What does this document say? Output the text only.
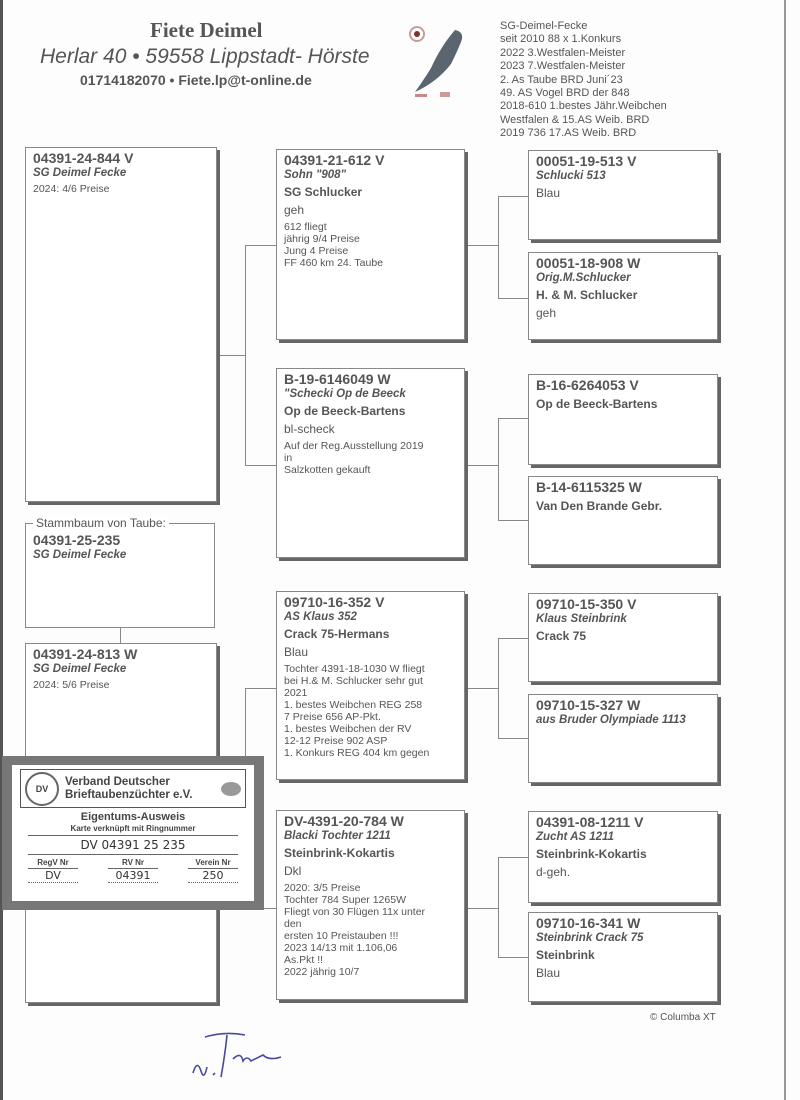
Fiete Deimel
Herlar 40 • 59558 Lippstadt- Hörste
01714182070 • Fiete.lp@t-online.de
SG-Deimel-Fecke
seit 2010 88 x 1.Konkurs
2022 3.Westfalen-Meister
2023 7.Westfalen-Meister
2. As Taube BRD Juni´23
49. AS Vogel BRD der 848
2018-610 1.bestes Jähr.Weibchen
Westfalen & 15.AS Weib. BRD
2019 736 17.AS Weib. BRD
04391-24-844 V
SG Deimel Fecke
2024: 4/6 Preise
04391-25-235
SG Deimel Fecke
Stammbaum von Taube:
04391-24-813 W
SG Deimel Fecke
2024: 5/6 Preise
04391-21-612 V
Sohn "908"
SG Schlucker
geh
612 fliegt
jährig 9/4 Preise
Jung 4 Preise
FF 460 km 24. Taube
B-19-6146049 W
"Schecki Op de Beeck
Op de Beeck-Bartens
bl-scheck
Auf der Reg.Ausstellung 2019
in
Salzkotten gekauft
09710-16-352 V
AS Klaus 352
Crack 75-Hermans
Blau
Tochter 4391-18-1030 W fliegt
bei H.& M. Schlucker sehr gut
2021
1. bestes Weibchen REG 258
7 Preise 656 AP-Pkt.
1. bestes Weibchen der RV
12-12 Preise 902 ASP
1. Konkurs REG 404 km gegen
DV-4391-20-784 W
Blacki Tochter 1211
Steinbrink-Kokartis
Dkl
2020: 3/5 Preise
Tochter 784 Super 1265W
Fliegt von 30 Flügen 11x unter
den
ersten 10 Preistauben !!!
2023 14/13 mit 1.106,06
As.Pkt !!
2022 jährig 10/7
00051-19-513 V
Schlucki 513
Blau
00051-18-908 W
Orig.M.Schlucker
H. & M. Schlucker
geh
B-16-6264053 V
Op de Beeck-Bartens
B-14-6115325 W
Van Den Brande Gebr.
09710-15-350 V
Klaus Steinbrink
Crack 75
09710-15-327 W
aus Bruder Olympiade 1113
04391-08-1211 V
Zucht AS 1211
Steinbrink-Kokartis
d-geh.
09710-16-341 W
Steinbrink Crack 75
Steinbrink
Blau
DV
Verband Deutscher
Brieftaubenzüchter e.V.
Eigentums-Ausweis
Karte verknüpft mit Ringnummer
DV 04391 25 235
RegV Nr
DV
RV Nr
04391
Verein Nr
250
© Columba XT
